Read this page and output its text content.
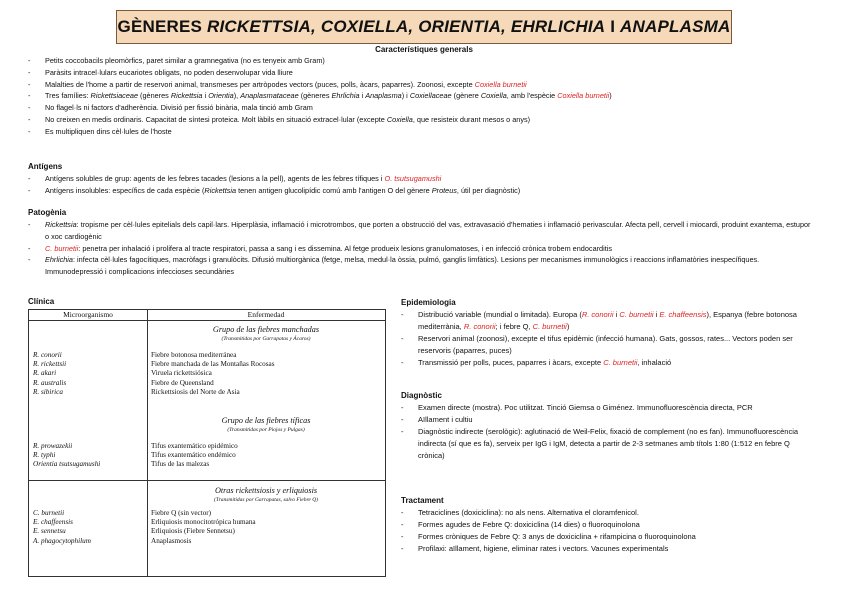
GÈNERES RICKETTSIA, COXIELLA, ORIENTIA, EHRLICHIA I ANAPLASMA
Característiques generals
- Petits coccobacils pleomòrfics, paret similar a gramnegativa (no es tenyeix amb Gram)
- Paràsits intracel·lulars eucariotes obligats, no poden desenvolupar vida lliure
- Malalties de l'home a partir de reservori animal, transmeses per artròpodes vectors (puces, polls, àcars, paparres). Zoonosi, excepte Coxiella burnetii
- Tres famílies: Rickettsiaceae (gèneres Rickettsia i Orientia), Anaplasmataceae (gèneres Ehrlichia i Anaplasma) i Coxiellaceae (gènere Coxiella, amb l'espècie Coxiella burnetii)
- No flagel·ls ni factors d'adherència. Divisió per fissió binària, mala tinció amb Gram
- No creixen en medis ordinaris. Capacitat de síntesi proteica. Molt làbils en situació extracel·lular (excepte Coxiella, que resisteix durant mesos o anys)
- Es multipliquen dins cèl·lules de l'hoste
Antígens
- Antígens solubles de grup: agents de les febres tacades (lesions a la pell), agents de les febres tífiques i O. tsutsugamushi
- Antígens insolubles: específics de cada espècie (Rickettsia tenen antigen glucolipídic comú amb l'antigen O del gènere Proteus, útil per diagnòstic)
Patogènia
- Rickettsia: tropisme per cèl·lules epitelials dels capil·lars. Hiperplàsia, inflamació i microtrombos, que porten a obstrucció del vas, extravasació d'hematies i inflamació perivascular. Afecta pell, cervell i miocardi, produint exantema, estupor o xoc cardiogènic
- C. burnetii: penetra per inhalació i prolifera al tracte respiratori, passa a sang i es dissemina. Al fetge produeix lesions granulomatoses, i en infecció crònica trobem endocarditis
- Ehrlichia: infecta cèl·lules fagocítiques, macròfags i granulòcits. Difusió multiorgànica (fetge, melsa, medul·la òssia, pulmó, ganglis limfàtics). Lesions per mecanismes immunològics i reaccions inflamatòries inespecífiques. Immunodepressió i complicacions infeccioses secundàries
Clínica
Microorganismo	Enfermedad
Grupo de las fiebres manchadas
(Transmitidas por Garrapatas y Ácaros)
R. conorii
R. rickettsii
R. akari
R. australis
R. sibirica
Fiebre botonosa mediterránea
Fiebre manchada de las Montañas Rocosas
Viruela rickettsiósica
Fiebre de Queensland
Rickettsiosis del Norte de Asia
Grupo de las fiebres tíficas
(Transmitidas por Piojos y Pulgas)
R. prowazekii
R. typhi
Orientia tsutsugamushi
Tifus exantemático epidémico
Tifus exantemático endémico
Tifus de las malezas
Otras rickettsiosis y erliquiosis
(Transmitidas por Garrapatas, salvo Fiebre Q)
C. burnetii
E. chaffeensis
E. sennetsu
A. phagocytophilum
Fiebre Q (sin vector)
Erliquiosis monocitotrópica humana
Erliquiosis (Fiebre Sennetsu)
Anaplasmosis
Epidemiologia
- Distribució variable (mundial o limitada). Europa (R. conorii i C. burnetii i E. chaffeensis), Espanya (febre botonosa mediterrània, R. conorii; i febre Q, C. burnetii)
- Reservori animal (zoonosi), excepte el tifus epidèmic (infecció humana). Gats, gossos, rates... Vectors poden ser reservoris (paparres, puces)
- Transmissió per polls, puces, paparres i àcars, excepte C. burnetii, inhalació
Diagnòstic
- Examen directe (mostra). Poc utilitzat. Tinció Giemsa o Giménez. Immunofluorescència directa, PCR
- Aïllament i cultiu
- Diagnòstic indirecte (serològic): aglutinació de Weil-Felix, fixació de complement (no es fan). Immunofluorescència indirecta (sí que es fa), serveix per IgG i IgM, detecta a partir de 2-3 setmanes amb títols 1:80 (1:512 en febre Q crònica)
Tractament
- Tetraciclines (doxiciclina): no als nens. Alternativa el cloramfenicol.
- Formes agudes de Febre Q: doxiciclina (14 dies) o fluoroquinolona
- Formes cròniques de Febre Q: 3 anys de doxiciclina + rifampicina o fluoroquinolona
- Profilaxi: aïllament, higiene, eliminar rates i vectors. Vacunes experimentals
